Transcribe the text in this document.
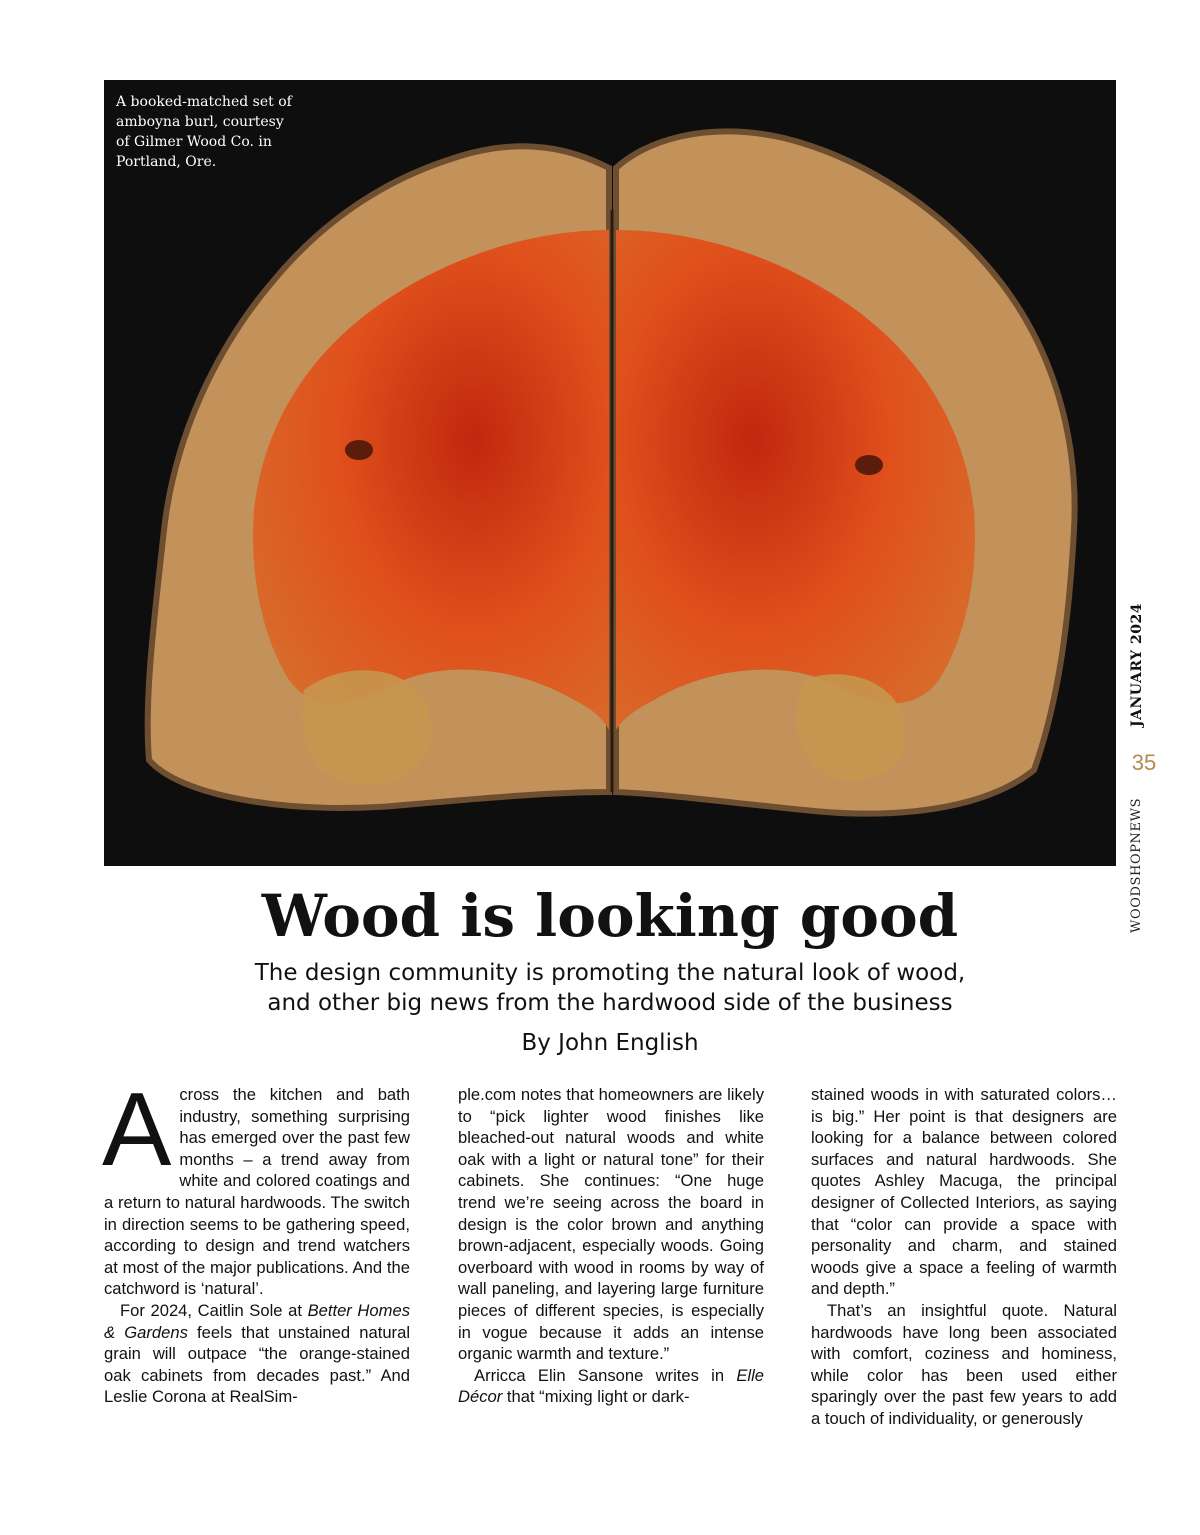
A booked-matched set of
amboyna burl, courtesy
of Gilmer Wood Co. in
Portland, Ore.
JANUARY 2024
35
WOODSHOPNEWS
Wood is looking good
The design community is promoting the natural look of wood,
and other big news from the hardwood side of the business
By John English
A cross the kitchen and bath industry, something surprising has emerged over the past few months – a trend away from white and colored coatings and a return to natural hardwoods. The switch in direction seems to be gathering speed, according to design and trend watchers at most of the major publications. And the catchword is ‘natural’.

For 2024, Caitlin Sole at Better Homes & Gardens feels that unstained natural grain will outpace “the orange-stained oak cabinets from decades past.” And Leslie Corona at RealSim-

ple.com notes that homeowners are likely to “pick lighter wood finishes like bleached-out natural woods and white oak with a light or natural tone” for their cabinets. She continues: “One huge trend we’re seeing across the board in design is the color brown and anything brown-adjacent, especially woods. Going overboard with wood in rooms by way of wall paneling, and layering large furniture pieces of different species, is especially in vogue because it adds an intense organic warmth and texture.”

Arricca Elin Sansone writes in Elle Décor that “mixing light or dark-

stained woods in with saturated colors… is big.” Her point is that designers are looking for a balance between colored surfaces and natural hardwoods. She quotes Ashley Macuga, the principal designer of Collected Interiors, as saying that “color can provide a space with personality and charm, and stained woods give a space a feeling of warmth and depth.”

That’s an insightful quote. Natural hardwoods have long been associated with comfort, coziness and hominess, while color has been used either sparingly over the past few years to add a touch of individuality, or generously
